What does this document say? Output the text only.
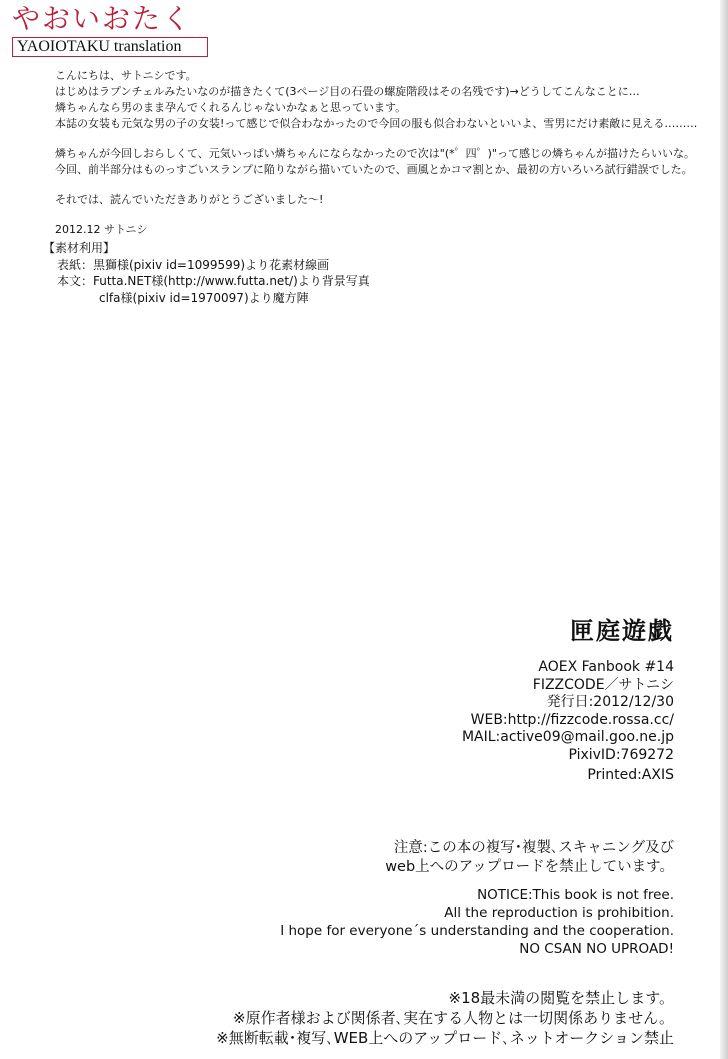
やおいおたく
YAOIOTAKU translation

こんにちは、サトニシです。

はじめはラプンチェルみたいなのが描きたくて(3ページ目の石畳の螺旋階段はその名残です)→どうしてこんなことに…

燐ちゃんなら男のまま孕んでくれるんじゃないかなぁと思っています。

本誌の女装も元気な男の子の女装!って感じで似合わなかったので今回の服も似合わないといいよ、雪男にだけ素敵に見える………

燐ちゃんが今回しおらしくて、元気いっぱい燐ちゃんにならなかったので次は"(*゜四゜)"って感じの燐ちゃんが描けたらいいな。

今回、前半部分はものっすごいスランプに陥りながら描いていたので、画風とかコマ割とか、最初の方いろいろ試行錯誤でした。

それでは、読んでいただきありがとうございました～!

2012.12 サトニシ

【素材利用】
表紙：黒獅様(pixiv id=1099599)より花素材線画
本文：Futta.NET様(http://www.futta.net/)より背景写真
clfa様(pixiv id=1970097)より魔方陣
匣庭遊戯
AOEX Fanbook #14
FIZZCODE／サトニシ
発行日:2012/12/30
WEB:http://fizzcode.rossa.cc/
MAIL:active09@mail.goo.ne.jp
PixivID:769272
Printed:AXIS
注意:この本の複写･複製､スキャニング及び
web上へのアップロードを禁止しています。
NOTICE:This book is not free.
All the reproduction is prohibition.
I hope for everyone´s understanding and the cooperation.
NO CSAN NO UPROAD!
※18最未満の閲覧を禁止します。
※原作者様および関係者､実在する人物とは一切関係ありません。
※無断転載･複写､WEB上へのアップロード､ネットオークション禁止
